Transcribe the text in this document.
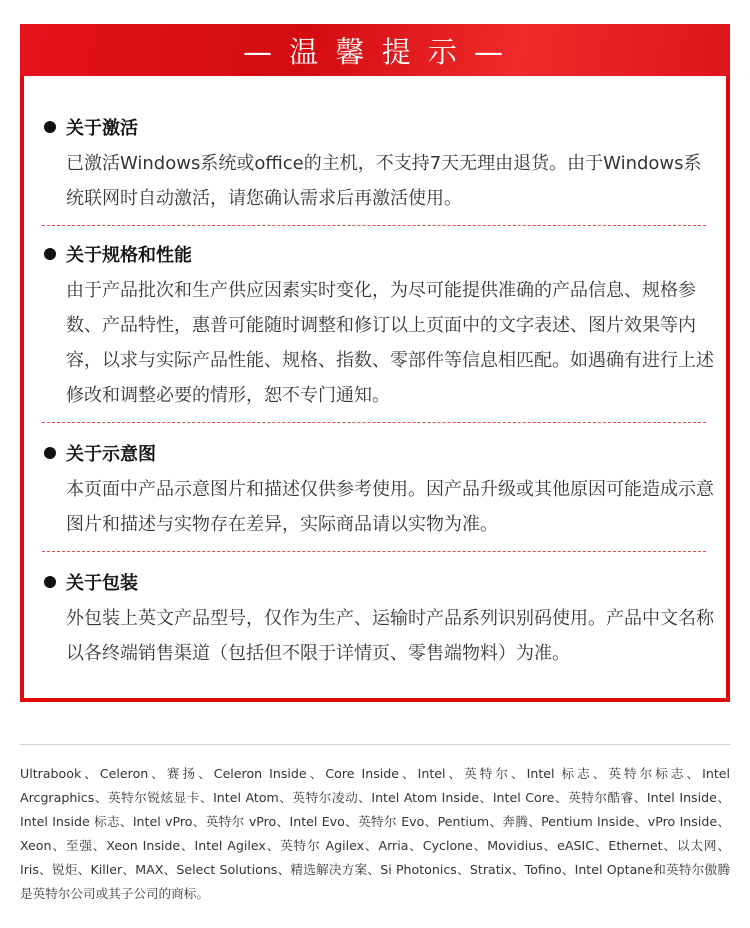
— 温 馨 提 示 —
关于激活
已激活Windows系统或office的主机，不支持7天无理由退货。由于Windows系统联网时自动激活，请您确认需求后再激活使用。
关于规格和性能
由于产品批次和生产供应因素实时变化，为尽可能提供准确的产品信息、规格参数、产品特性，惠普可能随时调整和修订以上页面中的文字表述、图片效果等内容，以求与实际产品性能、规格、指数、零部件等信息相匹配。如遇确有进行上述修改和调整必要的情形，恕不专门通知。
关于示意图
本页面中产品示意图片和描述仅供参考使用。因产品升级或其他原因可能造成示意图片和描述与实物存在差异，实际商品请以实物为准。
关于包装
外包装上英文产品型号，仅作为生产、运输时产品系列识别码使用。产品中文名称以各终端销售渠道（包括但不限于详情页、零售端物料）为准。
Ultrabook、Celeron、赛扬、Celeron Inside、Core Inside、Intel、英特尔、Intel 标志、英特尔标志、Intel Arcgraphics、英特尔锐炫显卡、Intel Atom、英特尔凌动、Intel Atom Inside、Intel Core、英特尔酷睿、Intel Inside、Intel Inside 标志、Intel vPro、英特尔 vPro、Intel Evo、英特尔 Evo、Pentium、奔腾、Pentium Inside、vPro Inside、Xeon、至强、Xeon Inside、Intel Agilex、英特尔 Agilex、Arria、Cyclone、Movidius、eASIC、Ethernet、以太网、Iris、锐炬、Killer、MAX、Select Solutions、精选解决方案、Si Photonics、Stratix、Tofino、Intel Optane和英特尔傲腾是英特尔公司或其子公司的商标。
